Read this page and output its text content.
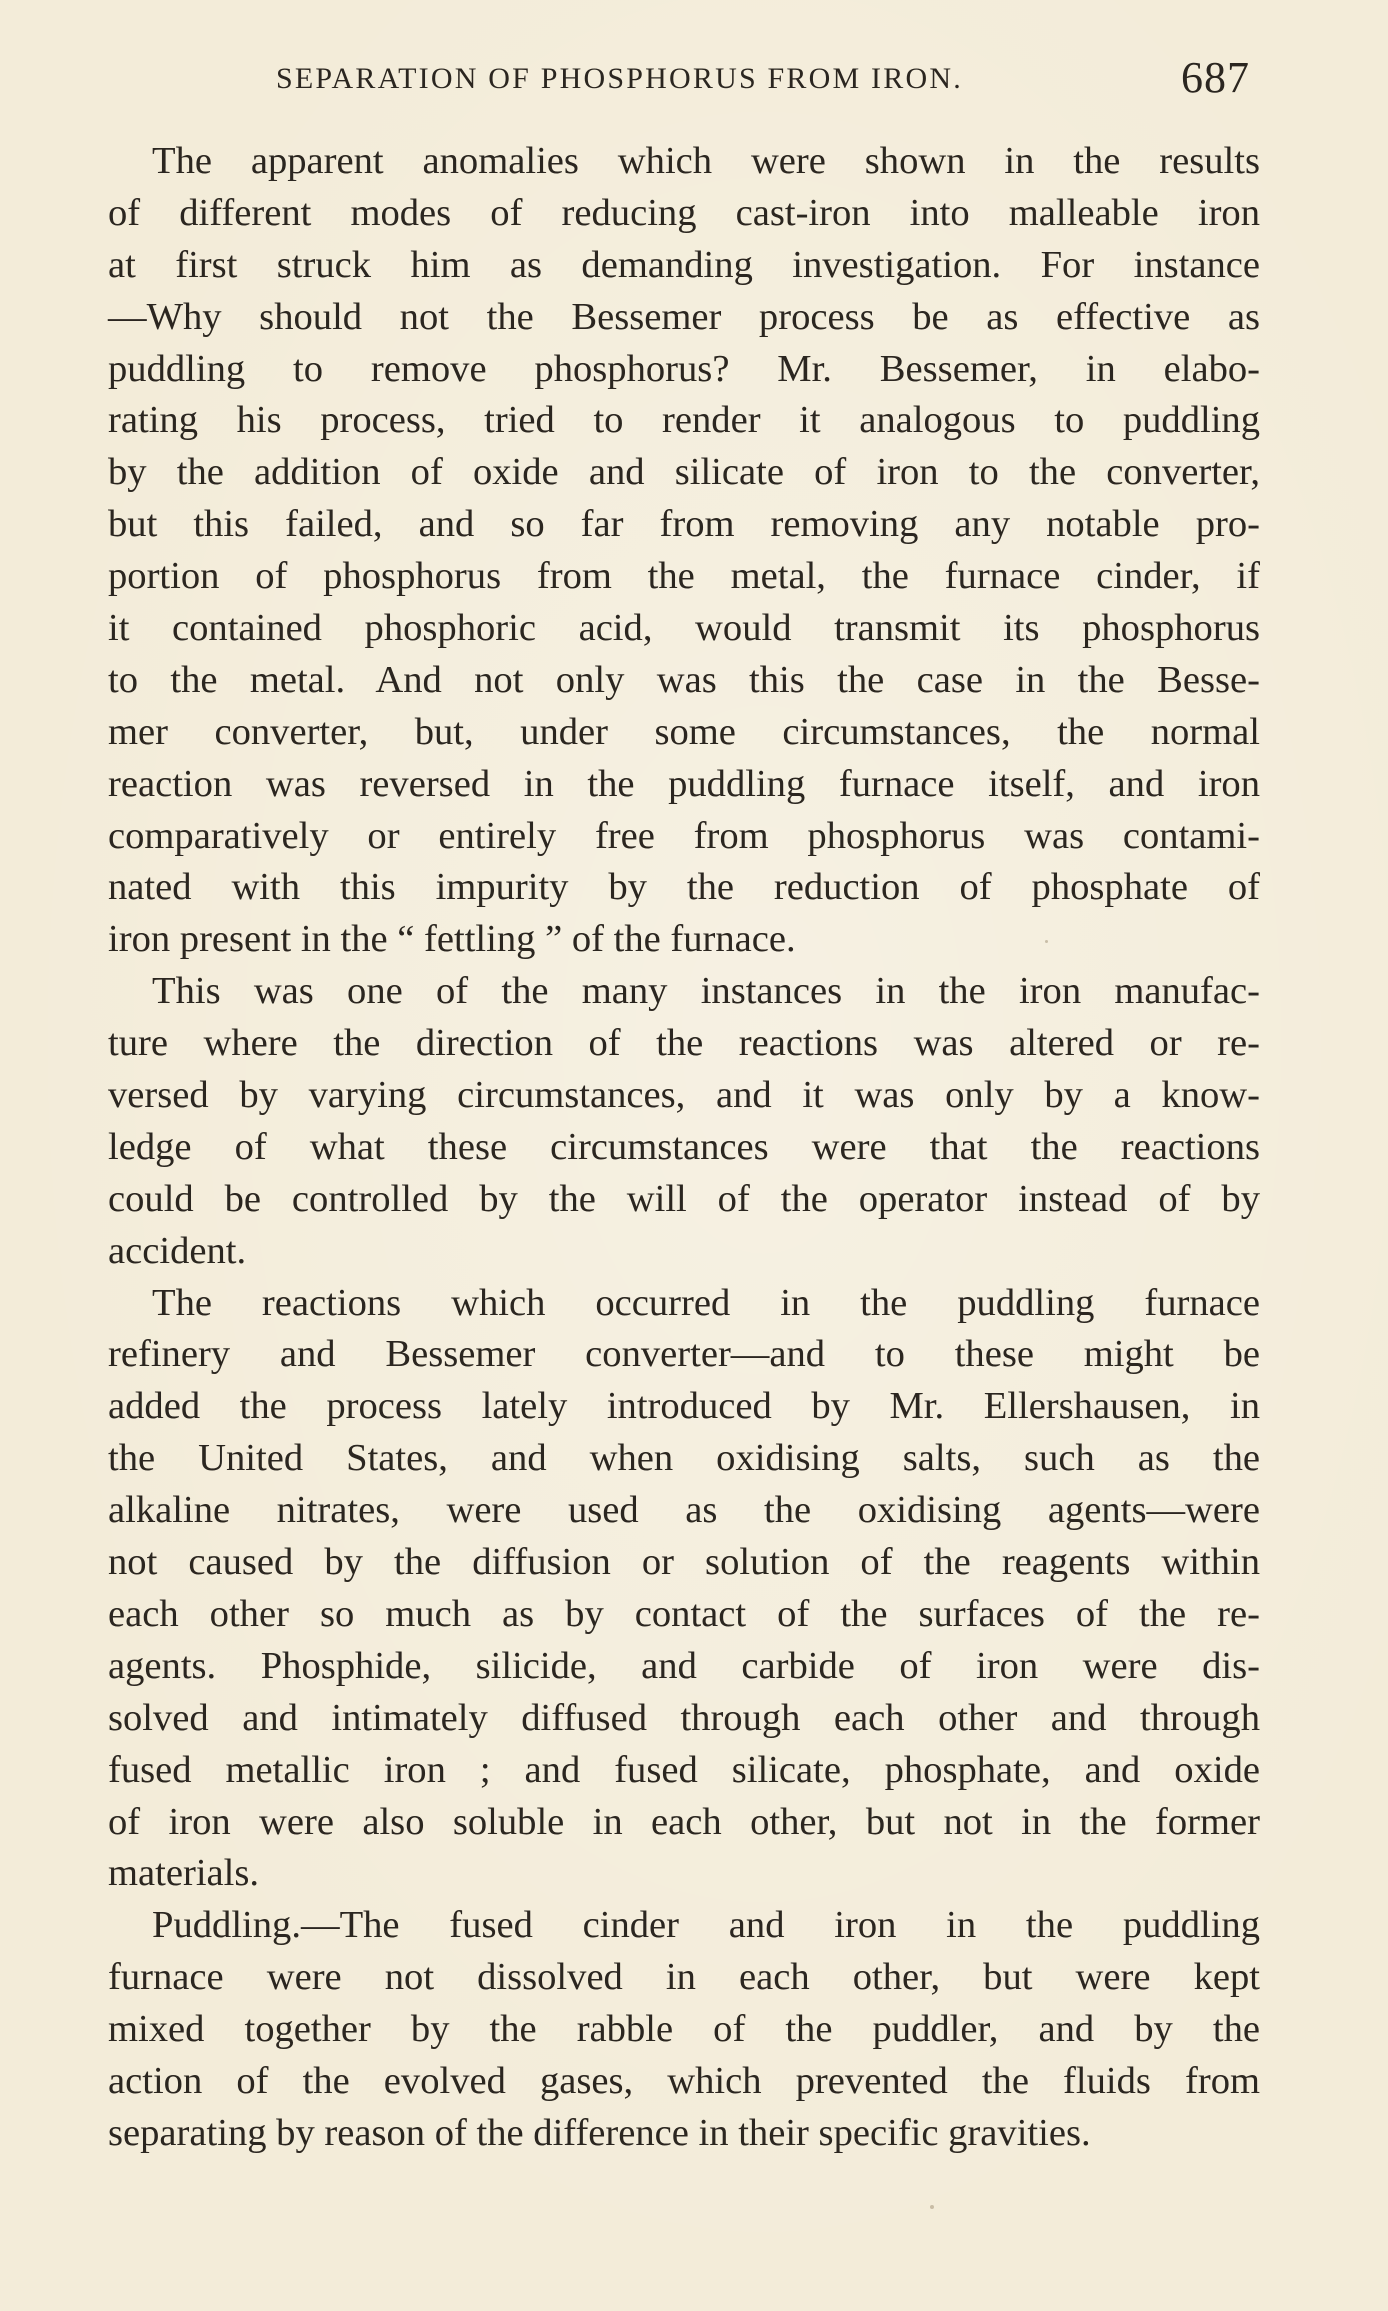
SEPARATION OF PHOSPHORUS FROM IRON.	687
The apparent anomalies which were shown in the results
of different modes of reducing cast-iron into malleable iron
at first struck him as demanding investigation. For instance
—Why should not the Bessemer process be as effective as
puddling to remove phosphorus? Mr. Bessemer, in elabo-
rating his process, tried to render it analogous to puddling
by the addition of oxide and silicate of iron to the converter,
but this failed, and so far from removing any notable pro-
portion of phosphorus from the metal, the furnace cinder, if
it contained phosphoric acid, would transmit its phosphorus
to the metal. And not only was this the case in the Besse-
mer converter, but, under some circumstances, the normal
reaction was reversed in the puddling furnace itself, and iron
comparatively or entirely free from phosphorus was contami-
nated with this impurity by the reduction of phosphate of
iron present in the “ fettling ” of the furnace.
This was one of the many instances in the iron manufac-
ture where the direction of the reactions was altered or re-
versed by varying circumstances, and it was only by a know-
ledge of what these circumstances were that the reactions
could be controlled by the will of the operator instead of by
accident.
The reactions which occurred in the puddling furnace
refinery and Bessemer converter—and to these might be
added the process lately introduced by Mr. Ellershausen, in
the United States, and when oxidising salts, such as the
alkaline nitrates, were used as the oxidising agents—were
not caused by the diffusion or solution of the reagents within
each other so much as by contact of the surfaces of the re-
agents. Phosphide, silicide, and carbide of iron were dis-
solved and intimately diffused through each other and through
fused metallic iron ; and fused silicate, phosphate, and oxide
of iron were also soluble in each other, but not in the former
materials.
Puddling.—The fused cinder and iron in the puddling
furnace were not dissolved in each other, but were kept
mixed together by the rabble of the puddler, and by the
action of the evolved gases, which prevented the fluids from
separating by reason of the difference in their specific gravities.
